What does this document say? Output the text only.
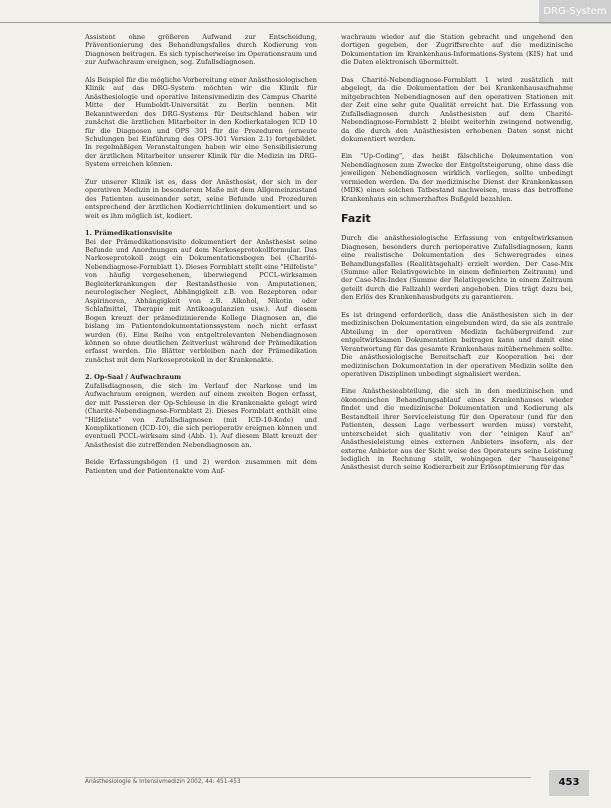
DRG-System

Assistent ohne größeren Aufwand zur Entscheidung, Präventionierung des Behandlungsfalles durch Kodierung von Diagnosen beitragen. Es sich typischerweise im Operationsraum und zur Aufwachraum ereignen, sog. Zufallsdiagnosen.

Als Beispiel für die mögliche Vorbereitung einer Anästhesiologischen Klinik auf das DRG-System möchten wir die Klinik für Anästhesiologie und operative Intensivmedizin des Campus Charité Mitte der Humboldt-Universität zu Berlin nennen. Mit Bekanntwerden des DRG-Systems für Deutschland haben wir zunächst die ärztlichen Mitarbeiter in den Kodierkatalogen ICD 10 für die Diagnosen und OPS 301 für die Prozeduren (erneute Schulungen bei Einführung des OPS-301 Version 2.1) fortgebildet. In regelmäßigen Veranstaltungen haben wir eine Sensibilisierung der ärztlichen Mitarbeiter unserer Klinik für die Medizin im DRG-System erreichen können.

Zur unserer Klinik ist es, dass der Anästhesist, der sich in der operativen Medizin in besonderem Maße mit dem Allgemeinzustand des Patienten auseinander setzt, seine Befunde und Prozeduren entsprechend der ärztlichen Kodierrichtlinien dokumentiert und so weit es ihm möglich ist, kodiert.

1. Prämedikationsvisite

Bei der Prämedikationsvisite dokumentiert der Anästhesist seine Befunde und Anordnungen auf dem Narkoseprotokollformular. Das Narkoseprotokoll zeigt ein Dokumentationsbogen bei (Charité-Nebendiagnose-Formblatt 1). Dieses Formblatt stellt eine "Hilfeliste" von häufig vorgesehenen, überwiegend PCCL-wirksamen Begleiterkrankungen der Restanästhesie von Amputationen, neurologischer Neglect, Abhängigkeit z.B. von Rezeptoren oder Aspirinoren, Abhängigkeit von z.B. Alkohol, Nikotin oder Schlafmittel, Therapie mit Antikoagulanzien usw.). Auf diesem Bogen kreuzt der prämedizinierende Kollege Diagnosen an, die bislang im Patientendokumentationssystem noch nicht erfasst wurden (6). Eine Reihe von entgeltrelevanten Nebendiagnosen können so ohne deutlichen Zeitverlust während der Prämedikation erfasst werden. Die Blätter verbleiben nach der Prämedikation zunächst mit dem Narkoseprotokoll in der Krankenakte.

2. Op-Saal / Aufwachraum

Zufallsdiagnosen, die sich im Verlauf der Narkose und im Aufwachraum ereignen, werden auf einem zweiten Bogen erfasst, der mit Passieren der Op-Schleuse in die Krankenakte gelegt wird (Charité-Nebendiagnose-Formblatt 2). Dieses Formblatt enthält eine "Hilfeliste" von Zufallsdiagnosen (mit ICD-10-Kode) und Komplikationen (ICD-10), die sich perioperativ ereignen können und eventuell PCCL-wirksam sind (Abb. 1). Auf diesem Blatt kreuzt der Anästhesist die zutreffenden Nebendiagnosen an.

Beide Erfassungsbögen (1 und 2) werden zusammen mit dem Patienten und der Patientenakte vom Auf-

wachraum wieder auf die Station gebracht und ungehend den dortigen gegeben, der Zugriffsrechte auf die medizinische Dokumentation im Krankenhaus-Informations-System (KIS) hat und die Daten elektronisch übermittelt.

Das Charité-Nebendiagnose-Formblatt 1 wird zusätzlich mit abgelegt, da die Dokumentation der bei Krankenhausaufnahme mitgebrachten Nebendiagnosen auf den operativen Stationen mit der Zeit eine sehr gute Qualität erreicht hat. Die Erfassung von Zufallsdiagnosen durch Anästhesisten auf dem Charité-Nebendiagnose-Formblatt 2 bleibt weiterhin zwingend notwendig, da die durch den Anästhesisten erhobenen Daten sonst nicht dokumentiert werden.

Ein "Up-Coding", das heißt fälschliche Dokumentation von Nebendiagnosen zum Zwecke der Entgeltsteigerung, ohne dass die jeweiligen Nebendiagnosen wirklich vorliegen, sollte unbedingt vermieden werden. Da der medizinische Dienst der Krankenkassen (MDK) einen solchen Tatbestand nachweisen, muss das betroffene Krankenhaus ein schmerzhaftes Bußgeld bezahlen.

Fazit

Durch die anästhesiologische Erfassung von entgeltwirksamen Diagnosen, besonders durch perioperative Zufallsdiagnosen, kann eine realistische Dokumentation des Schweregrades eines Behandlungsfalles (Realitätsgehalt) erzielt werden. Der Case-Mix (Summe aller Relativgewichte in einem definierten Zeitraum) und der Case-Mix-Index (Summe der Relativgewichte in einem Zeitraum geteilt durch die Fallzahl) werden angehoben. Dies trägt dazu bei, den Erlös des Krankenhausbudgets zu garantieren.

Es ist dringend erforderlich, dass die Anästhesisten sich in der medizinischen Dokumentation eingebunden wird, da sie als zentrale Abteilung in der operativen Medizin fachübergreifend zur entgeltwirksamen Dokumentation beitragen kann und damit eine Verantwortung für das gesamte Krankenhaus mitübernehmen sollte. Die anästhesiologische Bereitschaft zur Kooperation bei der medizinischen Dokumentation in der operativen Medizin sollte den operativen Disziplinen unbedingt signalisiert werden.

Eine Anästhesieabteilung, die sich in den medizinischen und ökonomischen Behandlungsablauf eines Krankenhauses wieder findet und die medizinische Dokumentation und Kodierung als Bestandteil ihrer Serviceleistung für den Operateur (und für den Patienten, dessen Lage verbessert werden muss) versteht, unterscheidet sich qualitativ von der "einigen Kauf an" Anästhesieleistung eines externen Anbieters insofern, als der externe Anbieter aus der Sicht weise des Operateurs seine Leistung lediglich in Rechnung stellt, wohingegen der "hauseigene" Anästhesist durch seine Kodierarbeit zur Erlösoptimierung für das

Anästhesiologie & Intensivmedizin 2002, 44: 451-453	453
